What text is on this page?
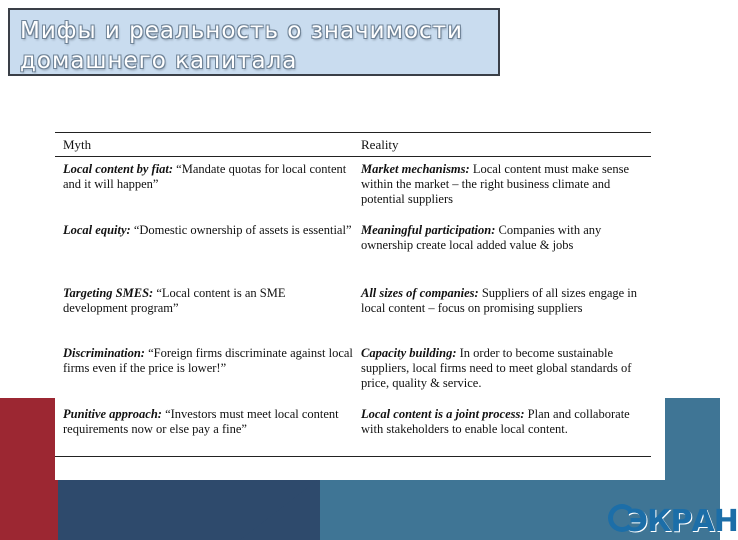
Мифы и реальность о значимости
домашнего капитала
Myth	Reality
Local content by fiat: “Mandate quotas for local content and it will happen”
Market mechanisms: Local content must make sense within the market – the right business climate and potential suppliers
Local equity: “Domestic ownership of assets is essential” Meaningful participation: Companies with any ownership create local added value & jobs
Targeting SMES: “Local content is an SME development program”
All sizes of companies: Suppliers of all sizes engage in local content – focus on promising suppliers
Discrimination: “Foreign firms discriminate against local firms even if the price is lower!”
Capacity building: In order to become sustainable suppliers, local firms need to meet global standards of price, quality & service.
Punitive approach: “Investors must meet local content requirements now or else pay a fine”
Local content is a joint process: Plan and collaborate with stakeholders to enable local content.
ЭКРАН
